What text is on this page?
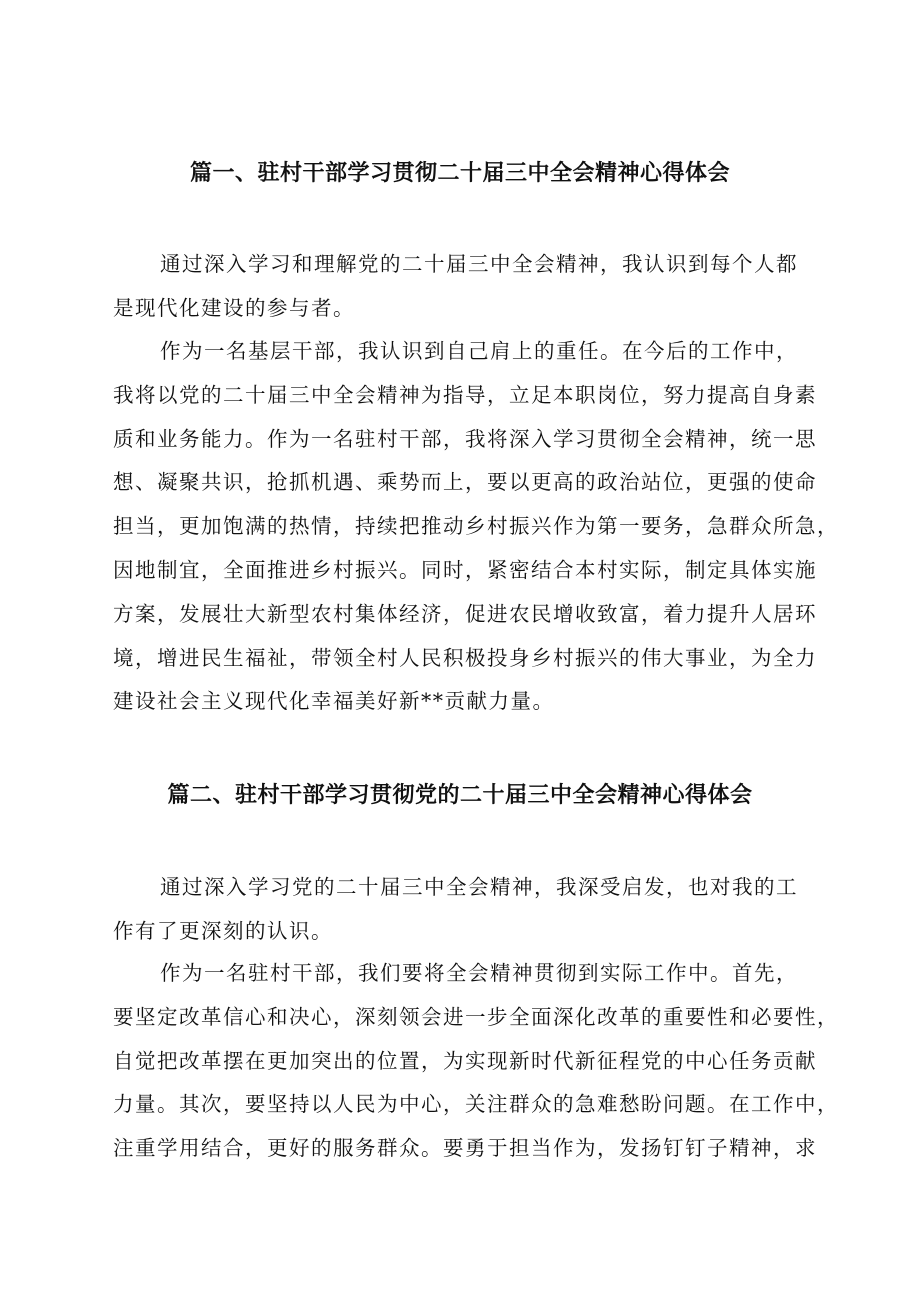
篇一、驻村干部学习贯彻二十届三中全会精神心得体会
通过深入学习和理解党的二十届三中全会精神，我认识到每个人都
是现代化建设的参与者。
作为一名基层干部，我认识到自己肩上的重任。在今后的工作中，
我将以党的二十届三中全会精神为指导，立足本职岗位，努力提高自身素
质和业务能力。作为一名驻村干部，我将深入学习贯彻全会精神，统一思
想、凝聚共识，抢抓机遇、乘势而上，要以更高的政治站位，更强的使命
担当，更加饱满的热情，持续把推动乡村振兴作为第一要务，急群众所急，
因地制宜，全面推进乡村振兴。同时，紧密结合本村实际，制定具体实施
方案，发展壮大新型农村集体经济，促进农民增收致富，着力提升人居环
境，增进民生福祉，带领全村人民积极投身乡村振兴的伟大事业，为全力
建设社会主义现代化幸福美好新**贡献力量。
篇二、驻村干部学习贯彻党的二十届三中全会精神心得体会
通过深入学习党的二十届三中全会精神，我深受启发，也对我的工
作有了更深刻的认识。
作为一名驻村干部，我们要将全会精神贯彻到实际工作中。首先，
要坚定改革信心和决心，深刻领会进一步全面深化改革的重要性和必要性，
自觉把改革摆在更加突出的位置，为实现新时代新征程党的中心任务贡献
力量。其次，要坚持以人民为中心，关注群众的急难愁盼问题。在工作中，
注重学用结合，更好的服务群众。要勇于担当作为，发扬钉钉子精神，求
